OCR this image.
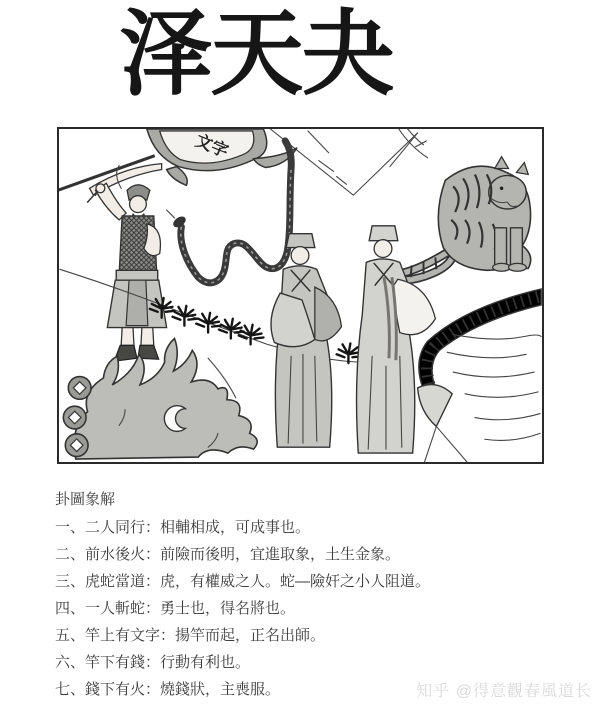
泽天夬
文字
卦圖象解
一、二人同行：相輔相成，可成事也。
二、前水後火：前險而後明，宜進取象，土生金象。
三、虎蛇當道：虎，有權威之人。蛇—險奸之小人阻道。
四、一人斬蛇：勇士也，得名將也。
五、竿上有文字：揚竿而起，正名出師。
六、竿下有錢：行動有利也。
七、錢下有火：燒錢狀，主喪服。	知乎 @得意觀春風道长
